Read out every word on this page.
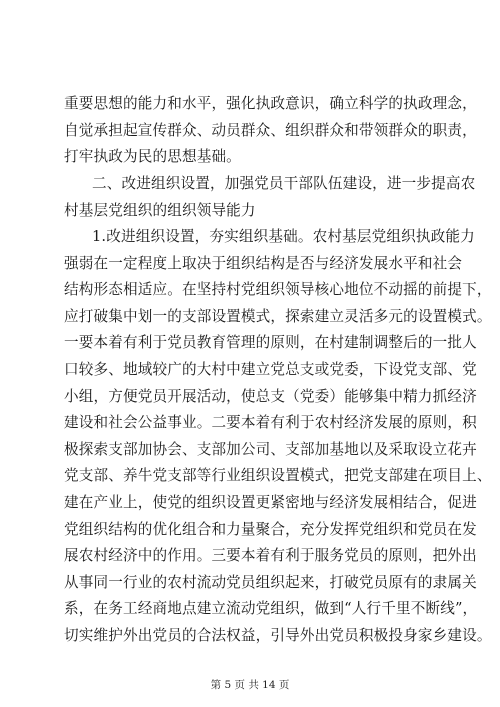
重要思想的能力和水平，强化执政意识，确立科学的执政理念，
自觉承担起宣传群众、动员群众、组织群众和带领群众的职责，
打牢执政为民的思想基础。
二、改进组织设置，加强党员干部队伍建设，进一步提高农
村基层党组织的组织领导能力
1.改进组织设置，夯实组织基础。农村基层党组织执政能力
强弱在一定程度上取决于组织结构是否与经济发展水平和社会
结构形态相适应。在坚持村党组织领导核心地位不动摇的前提下，
应打破集中划一的支部设置模式，探索建立灵活多元的设置模式。
一要本着有利于党员教育管理的原则，在村建制调整后的一批人
口较多、地域较广的大村中建立党总支或党委，下设党支部、党
小组，方便党员开展活动，使总支（党委）能够集中精力抓经济
建设和社会公益事业。二要本着有利于农村经济发展的原则，积
极探索支部加协会、支部加公司、支部加基地以及采取设立花卉
党支部、养牛党支部等行业组织设置模式，把党支部建在项目上、
建在产业上，使党的组织设置更紧密地与经济发展相结合，促进
党组织结构的优化组合和力量聚合，充分发挥党组织和党员在发
展农村经济中的作用。三要本着有利于服务党员的原则，把外出
从事同一行业的农村流动党员组织起来，打破党员原有的隶属关
系，在务工经商地点建立流动党组织，做到“人行千里不断线”，
切实维护外出党员的合法权益，引导外出党员积极投身家乡建设。
第 5 页 共 14 页
